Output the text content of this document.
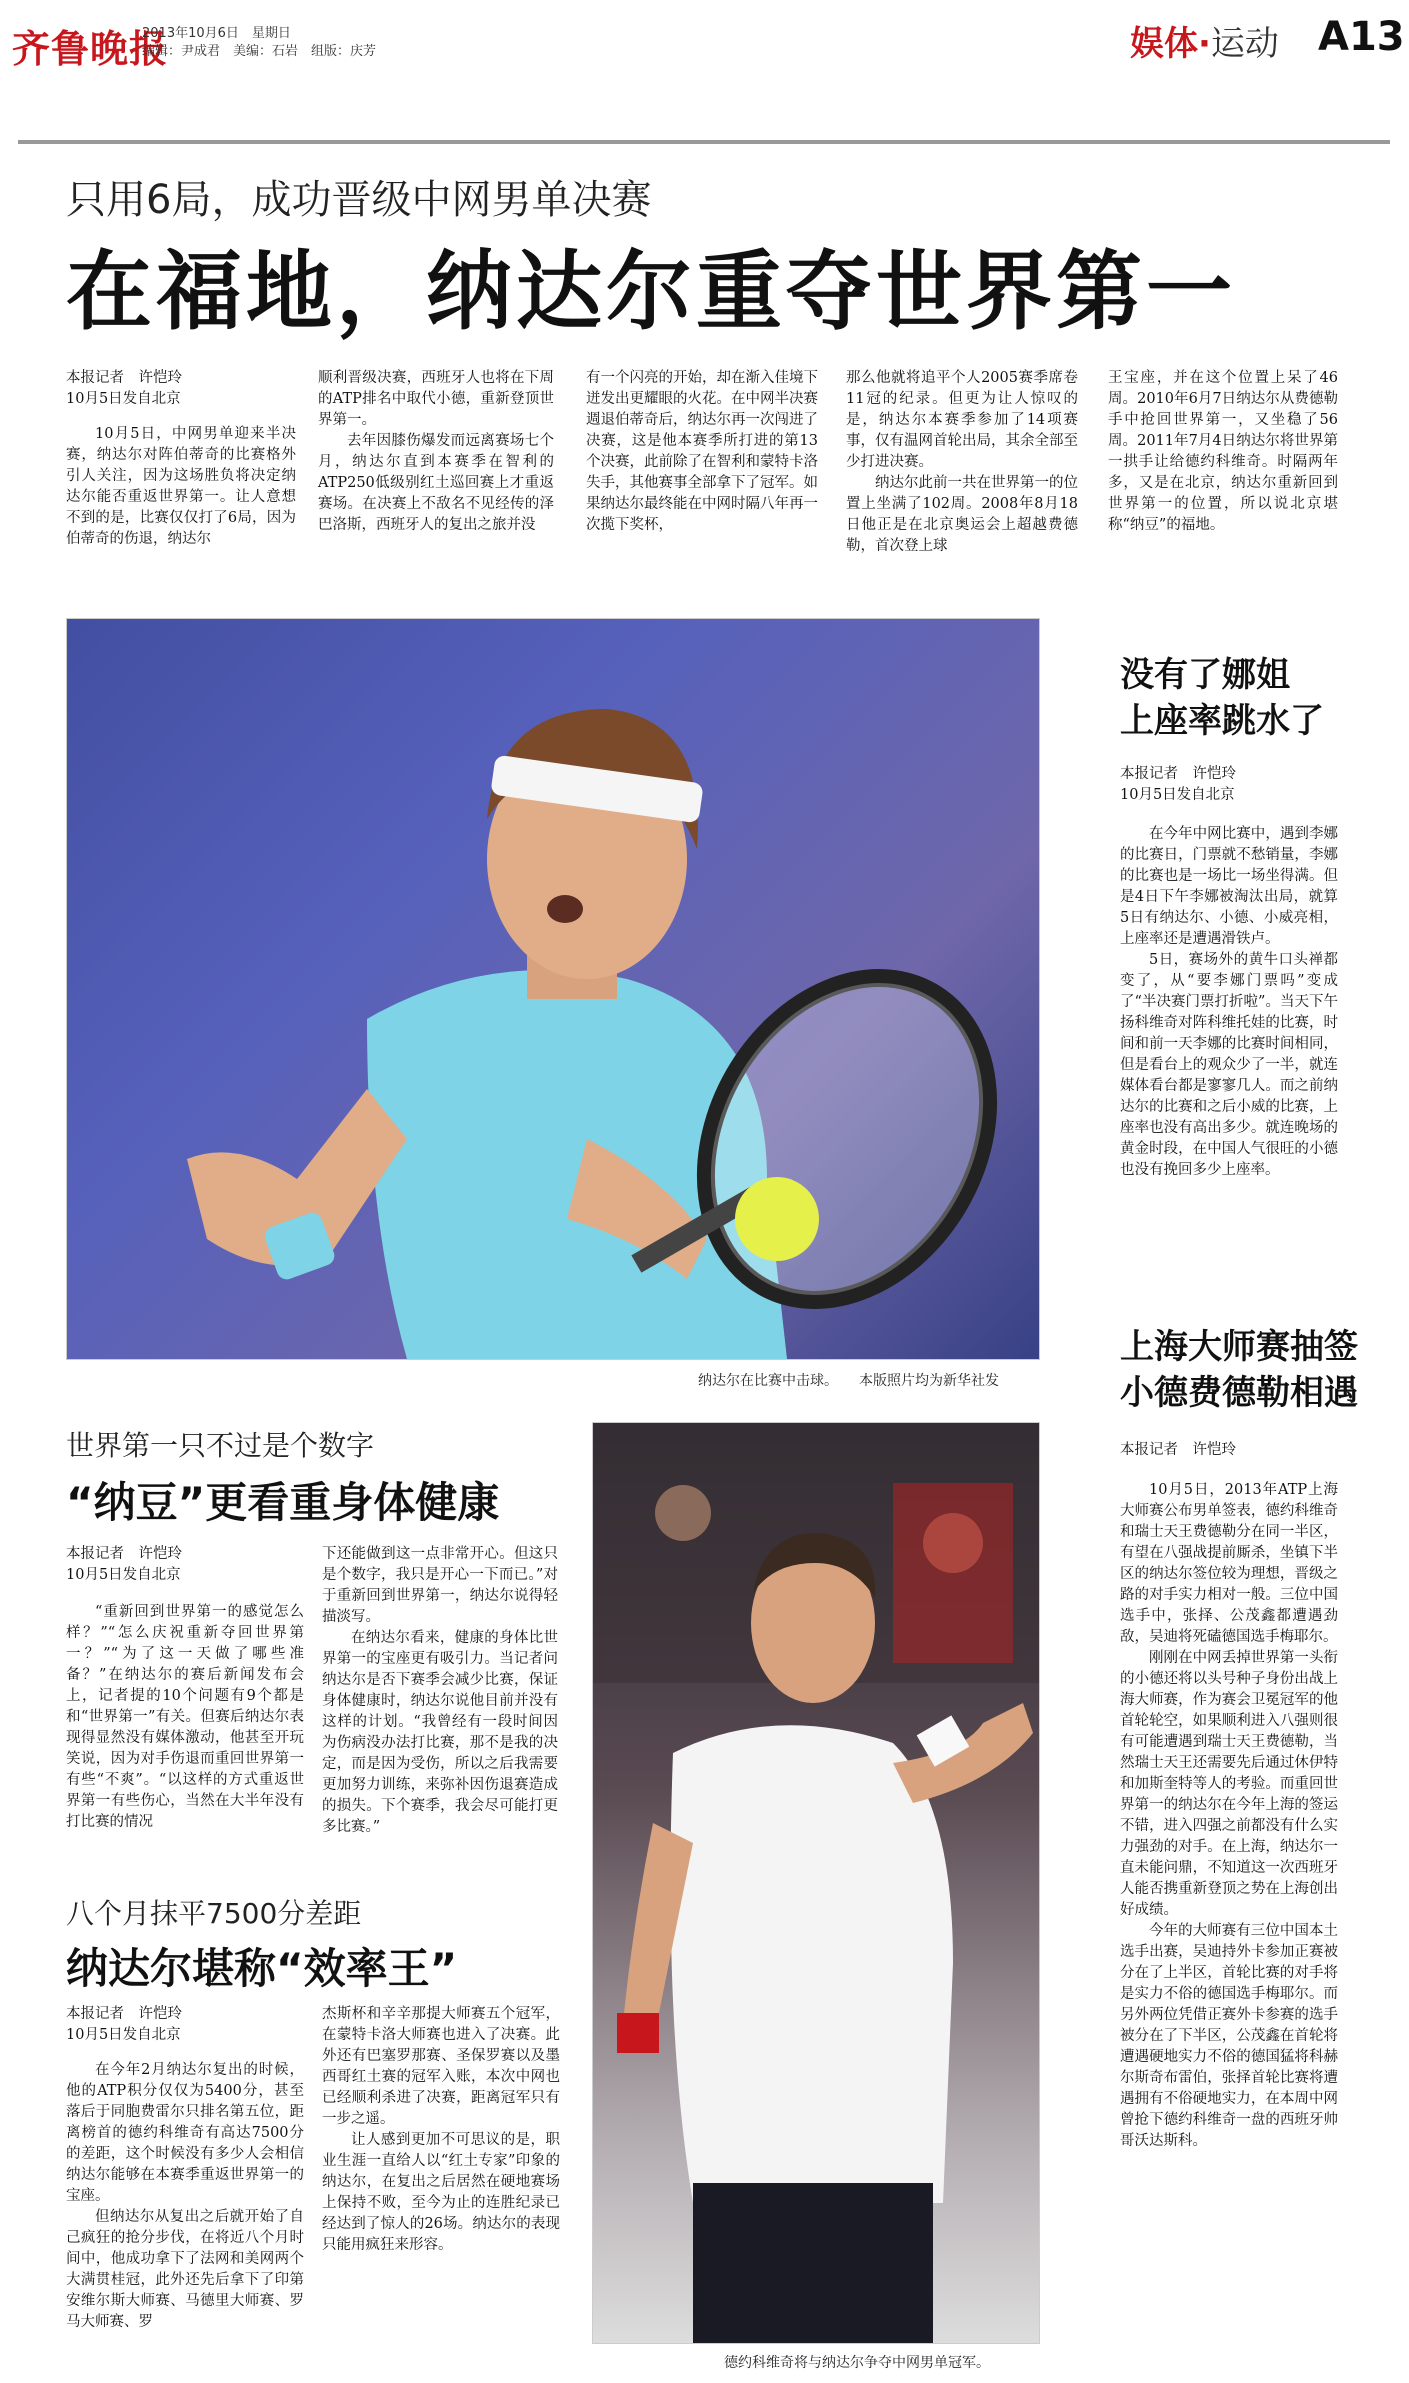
齐鲁晚报
2013年10月6日　星期日
编辑：尹成君　美编：石岩　组版：庆芳	娱体·运动 A13
只用6局，成功晋级中网男单决赛
在福地，纳达尔重夺世界第一
本报记者　许恺玲
10月5日发自北京

10月5日，中网男单迎来半决赛，纳达尔对阵伯蒂奇的比赛格外引人关注，因为这场胜负将决定纳达尔能否重返世界第一。让人意想不到的是，比赛仅仅打了6局，因为伯蒂奇的伤退，纳达尔

顺利晋级决赛，西班牙人也将在下周的ATP排名中取代小德，重新登顶世界第一。

去年因膝伤爆发而远离赛场七个月，纳达尔直到本赛季在智利的ATP250低级别红土巡回赛上才重返赛场。在决赛上不敌名不见经传的泽巴洛斯，西班牙人的复出之旅并没

有一个闪亮的开始，却在渐入佳境下迸发出更耀眼的火花。在中网半决赛週退伯蒂奇后，纳达尔再一次闯进了决赛，这是他本赛季所打进的第13个决赛，此前除了在智利和蒙特卡洛失手，其他赛事全部拿下了冠军。如果纳达尔最终能在中网时隔八年再一次揽下奖杯，

那么他就将追平个人2005赛季席卷11冠的纪录。但更为让人惊叹的是，纳达尔本赛季参加了14项赛事，仅有温网首轮出局，其余全部至少打进决赛。

纳达尔此前一共在世界第一的位置上坐满了102周。2008年8月18日他正是在北京奥运会上超越费德勒，首次登上球

王宝座，并在这个位置上呆了46周。2010年6月7日纳达尔从费德勒手中抢回世界第一，又坐稳了56周。2011年7月4日纳达尔将世界第一拱手让给德约科维奇。时隔两年多，又是在北京，纳达尔重新回到世界第一的位置，所以说北京堪称“纳豆”的福地。

纳达尔在比赛中击球。　　 本版照片均为新华社发
没有了娜姐
上座率跳水了
本报记者　许恺玲
10月5日发自北京

在今年中网比赛中，遇到李娜的比赛日，门票就不愁销量，李娜的比赛也是一场比一场坐得满。但是4日下午李娜被淘汰出局，就算5日有纳达尔、小德、小威亮相，上座率还是遭遇滑铁卢。

5日，赛场外的黄牛口头禅都变了，从“要李娜门票吗”变成了“半决赛门票打折啦”。当天下午扬科维奇对阵科维托娃的比赛，时间和前一天李娜的比赛时间相同，但是看台上的观众少了一半，就连媒体看台都是寥寥几人。而之前纳达尔的比赛和之后小威的比赛，上座率也没有高出多少。就连晚场的黄金时段，在中国人气很旺的小德也没有挽回多少上座率。

上海大师赛抽签
小德费德勒相遇
本报记者　许恺玲

10月5日，2013年ATP上海大师赛公布男单签表，德约科维奇和瑞士天王费德勒分在同一半区，有望在八强战提前厮杀，坐镇下半区的纳达尔签位较为理想，晋级之路的对手实力相对一般。三位中国选手中，张择、公茂鑫都遭遇劲敌，吴迪将死磕德国选手梅耶尔。

刚刚在中网丢掉世界第一头衔的小德还将以头号种子身份出战上海大师赛，作为赛会卫冕冠军的他首轮轮空，如果顺利进入八强则很有可能遭遇到瑞士天王费德勒，当然瑞士天王还需要先后通过休伊特和加斯奎特等人的考验。而重回世界第一的纳达尔在今年上海的签运不错，进入四强之前都没有什么实力强劲的对手。在上海，纳达尔一直未能问鼎，不知道这一次西班牙人能否携重新登顶之势在上海创出好成绩。

今年的大师赛有三位中国本土选手出赛，吴迪持外卡参加正赛被分在了上半区，首轮比赛的对手将是实力不俗的德国选手梅耶尔。而另外两位凭借正赛外卡参赛的选手被分在了下半区，公茂鑫在首轮将遭遇硬地实力不俗的德国猛将科赫尔斯奇布雷伯，张择首轮比赛将遭遇拥有不俗硬地实力，在本周中网曾抢下德约科维奇一盘的西班牙帅哥沃达斯科。

世界第一只不过是个数字
“纳豆”更看重身体健康
本报记者　许恺玲
10月5日发自北京

“重新回到世界第一的感觉怎么样？”“怎么庆祝重新夺回世界第一？”“为了这一天做了哪些准备？”在纳达尔的赛后新闻发布会上，记者提的10个问题有9个都是和“世界第一”有关。但赛后纳达尔表现得显然没有媒体激动，他甚至开玩笑说，因为对手伤退而重回世界第一有些“不爽”。“以这样的方式重返世界第一有些伤心，当然在大半年没有打比赛的情况

下还能做到这一点非常开心。但这只是个数字，我只是开心一下而已。”对于重新回到世界第一，纳达尔说得轻描淡写。

在纳达尔看来，健康的身体比世界第一的宝座更有吸引力。当记者问纳达尔是否下赛季会减少比赛，保证身体健康时，纳达尔说他目前并没有这样的计划。“我曾经有一段时间因为伤病没办法打比赛，那不是我的决定，而是因为受伤，所以之后我需要更加努力训练，来弥补因伤退赛造成的损失。下个赛季，我会尽可能打更多比赛。”

八个月抹平7500分差距
纳达尔堪称“效率王”
本报记者　许恺玲
10月5日发自北京

在今年2月纳达尔复出的时候，他的ATP积分仅仅为5400分，甚至落后于同胞费雷尔只排名第五位，距离榜首的德约科维奇有高达7500分的差距，这个时候没有多少人会相信纳达尔能够在本赛季重返世界第一的宝座。

但纳达尔从复出之后就开始了自己疯狂的抢分步伐，在将近八个月时间中，他成功拿下了法网和美网两个大满贯桂冠，此外还先后拿下了印第安维尔斯大师赛、马德里大师赛、罗马大师赛、罗

杰斯杯和辛辛那提大师赛五个冠军，在蒙特卡洛大师赛也进入了决赛。此外还有巴塞罗那赛、圣保罗赛以及墨西哥红土赛的冠军入账，本次中网也已经顺利杀进了决赛，距离冠军只有一步之遥。

让人感到更加不可思议的是，职业生涯一直给人以“红土专家”印象的纳达尔，在复出之后居然在硬地赛场上保持不败，至今为止的连胜纪录已经达到了惊人的26场。纳达尔的表现只能用疯狂来形容。

德约科维奇将与纳达尔争夺中网男单冠军。
